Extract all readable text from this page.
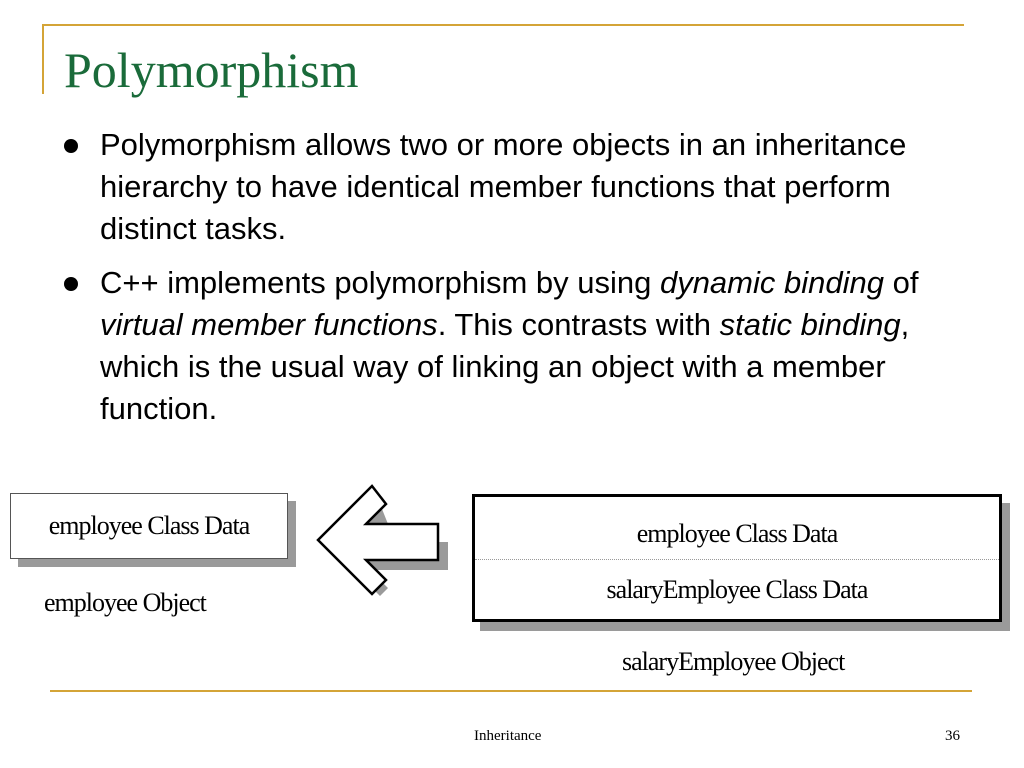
Polymorphism
Polymorphism allows two or more objects in an inheritance hierarchy to have identical member functions that perform distinct tasks.
C++ implements polymorphism by using dynamic binding of virtual member functions. This contrasts with static binding, which is the usual way of linking an object with a member function.
employee Class Data
employee Object
employee Class Data
salaryEmployee Class Data
salaryEmployee Object
Inheritance	36
